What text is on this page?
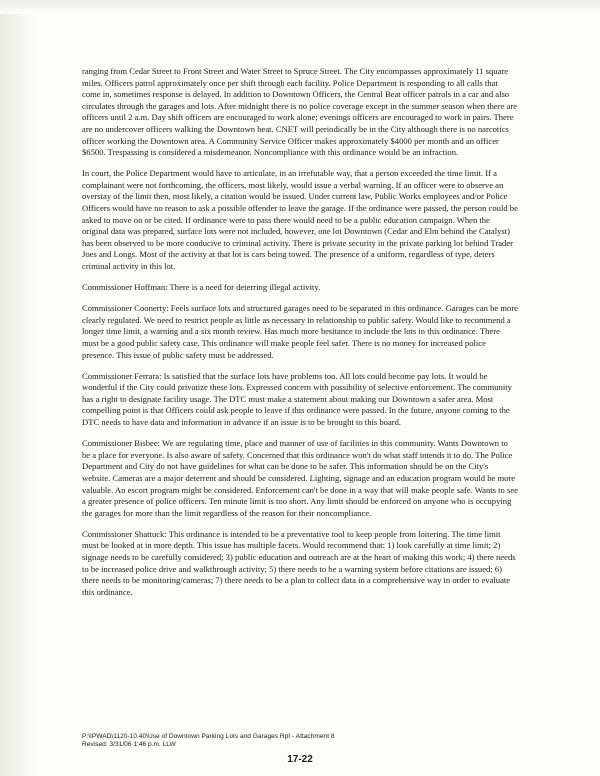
ranging from Cedar Street to Front Street and Water Street to Spruce Street. The City encompasses approximately 11 square miles. Officers patrol approximately once per shift through each facility. Police Department is responding to all calls that come in, sometimes response is delayed. In addition to Downtown Officers, the Central Beat officer patrols in a car and also circulates through the garages and lots. After midnight there is no police coverage except in the summer season when there are officers until 2 a.m. Day shift officers are encouraged to work alone; evenings officers are encouraged to work in pairs. There are no undercover officers walking the Downtown beat. CNET will periodically be in the City although there is no narcotics officer working the Downtown area. A Community Service Officer makes approximately $4000 per month and an officer $6500. Trespassing is considered a misdemeanor. Noncompliance with this ordinance would be an infraction.

In court, the Police Department would have to articulate, in an irrefutable way, that a person exceeded the time limit. If a complainant were not forthcoming, the officers, most likely, would issue a verbal warning. If an officer were to observe an overstay of the limit then, most likely, a citation would be issued. Under current law, Public Works employees and/or Police Officers would have no reason to ask a possible offender to leave the garage. If the ordinance were passed, the person could be asked to move on or be cited. If ordinance were to pass there would need to be a public education campaign. When the original data was prepared, surface lots were not included, however, one lot Downtown (Cedar and Elm behind the Catalyst) has been observed to be more conducive to criminal activity. There is private security in the private parking lot behind Trader Joes and Longs. Most of the activity at that lot is cars being towed. The presence of a uniform, regardless of type, deters criminal activity in this lot.

Commissioner Hoffman: There is a need for deterring illegal activity.

Commissioner Coonerty: Feels surface lots and structured garages need to be separated in this ordinance. Garages can be more clearly regulated. We need to restrict people as little as necessary in relationship to public safety. Would like to recommend a longer time limit, a warning and a six month review. Has much more hesitance to include the lots in this ordinance. There must be a good public safety case. This ordinance will make people feel safer. There is no money for increased police presence. This issue of public safety must be addressed.

Commissioner Ferrara: Is satisfied that the surface lots have problems too. All lots could become pay lots. It would be wonderful if the City could privatize these lots. Expressed concern with possibility of selective enforcement. The community has a right to designate facility usage. The DTC must make a statement about making our Downtown a safer area. Most compelling point is that Officers could ask people to leave if this ordinance were passed. In the future, anyone coming to the DTC needs to have data and information in advance if an issue is to be brought to this board.

Commissioner Bisbee: We are regulating time, place and manner of use of facilities in this community. Wants Downtown to be a place for everyone. Is also aware of safety. Concerned that this ordinance won't do what staff intends it to do. The Police Department and City do not have guidelines for what can be done to be safer. This information should be on the City's website. Cameras are a major deterrent and should be considered. Lighting, signage and an education program would be more valuable. An escort program might be considered. Enforcement can't be done in a way that will make people safe. Wants to see a greater presence of police officers. Ten minute limit is too short. Any limit should be enforced on anyone who is occupying the garages for more than the limit regardless of the reason for their noncompliance.

Commissioner Shattuck: This ordinance is intended to be a preventative tool to keep people from loitering. The time limit must be looked at in more depth. This issue has multiple facets. Would recommend that: 1) look carefully at time limit; 2) signage needs to be carefully considered; 3) public education and outreach are at the heart of making this work; 4) there needs to be increased police drive and walkthrough activity; 5) there needs to be a warning system before citations are issued; 6) there needs to be monitoring/cameras; 7) there needs to be a plan to collect data in a comprehensive way in order to evaluate this ordinance.

P:\IPWAD\1120-10.40\Use of Downtown Parking Lots and Garages Rpt - Attachment 8
Revised: 3/31/06 1:46 p.m. LLW
17-22
